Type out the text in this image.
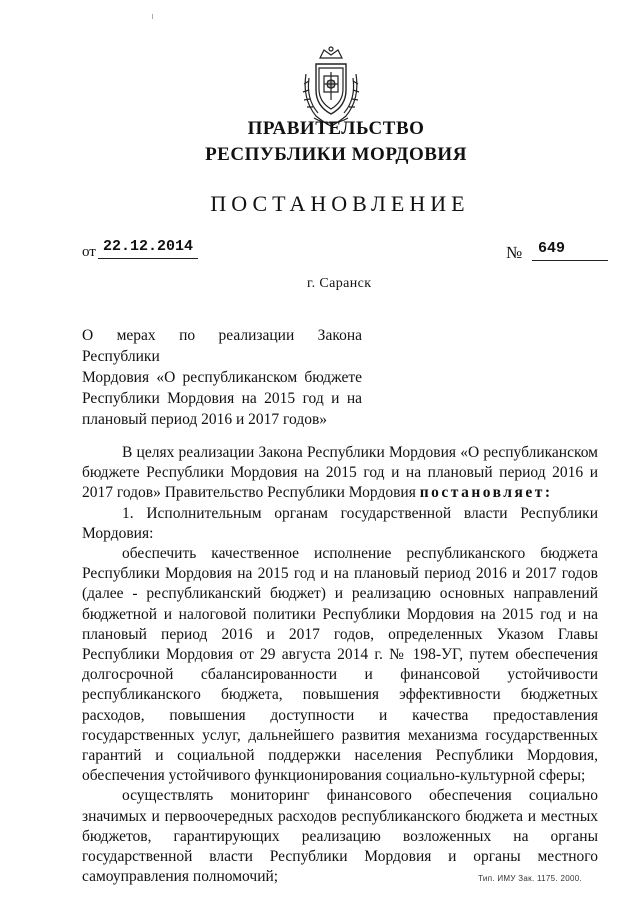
ПРАВИТЕЛЬСТВО
РЕСПУБЛИКИ МОРДОВИЯ
ПОСТАНОВЛЕНИЕ
от 22.12.2014	№	649
г. Саранск
О мерах по реализации Закона Республики
Мордовия «О республиканском бюджете
Республики Мордовия на 2015 год и на
плановый период 2016 и 2017 годов»
В целях реализации Закона Республики Мордовия «О республиканском
бюджете Республики Мордовия на 2015 год и на плановый период 2016 и
2017 годов» Правительство Республики Мордовия постановляет:
1. Исполнительным органам государственной власти Республики
Мордовия:
обеспечить качественное исполнение республиканского бюджета
Республики Мордовия на 2015 год и на плановый период 2016 и 2017 годов
(далее - республиканский бюджет) и реализацию основных направлений
бюджетной и налоговой политики Республики Мордовия на 2015 год и на
плановый период 2016 и 2017 годов, определенных Указом Главы
Республики Мордовия от 29 августа 2014 г. № 198-УГ, путем обеспечения
долгосрочной сбалансированности и финансовой устойчивости
республиканского бюджета, повышения эффективности бюджетных
расходов, повышения доступности и качества предоставления
государственных услуг, дальнейшего развития механизма государственных
гарантий и социальной поддержки населения Республики Мордовия,
обеспечения устойчивого функционирования социально-культурной сферы;
осуществлять мониторинг финансового обеспечения социально
значимых и первоочередных расходов республиканского бюджета и местных
бюджетов, гарантирующих реализацию возложенных на органы
государственной власти Республики Мордовия и органы местного
самоуправления полномочий;	Тип. ИМУ Зак. 1175. 2000.
